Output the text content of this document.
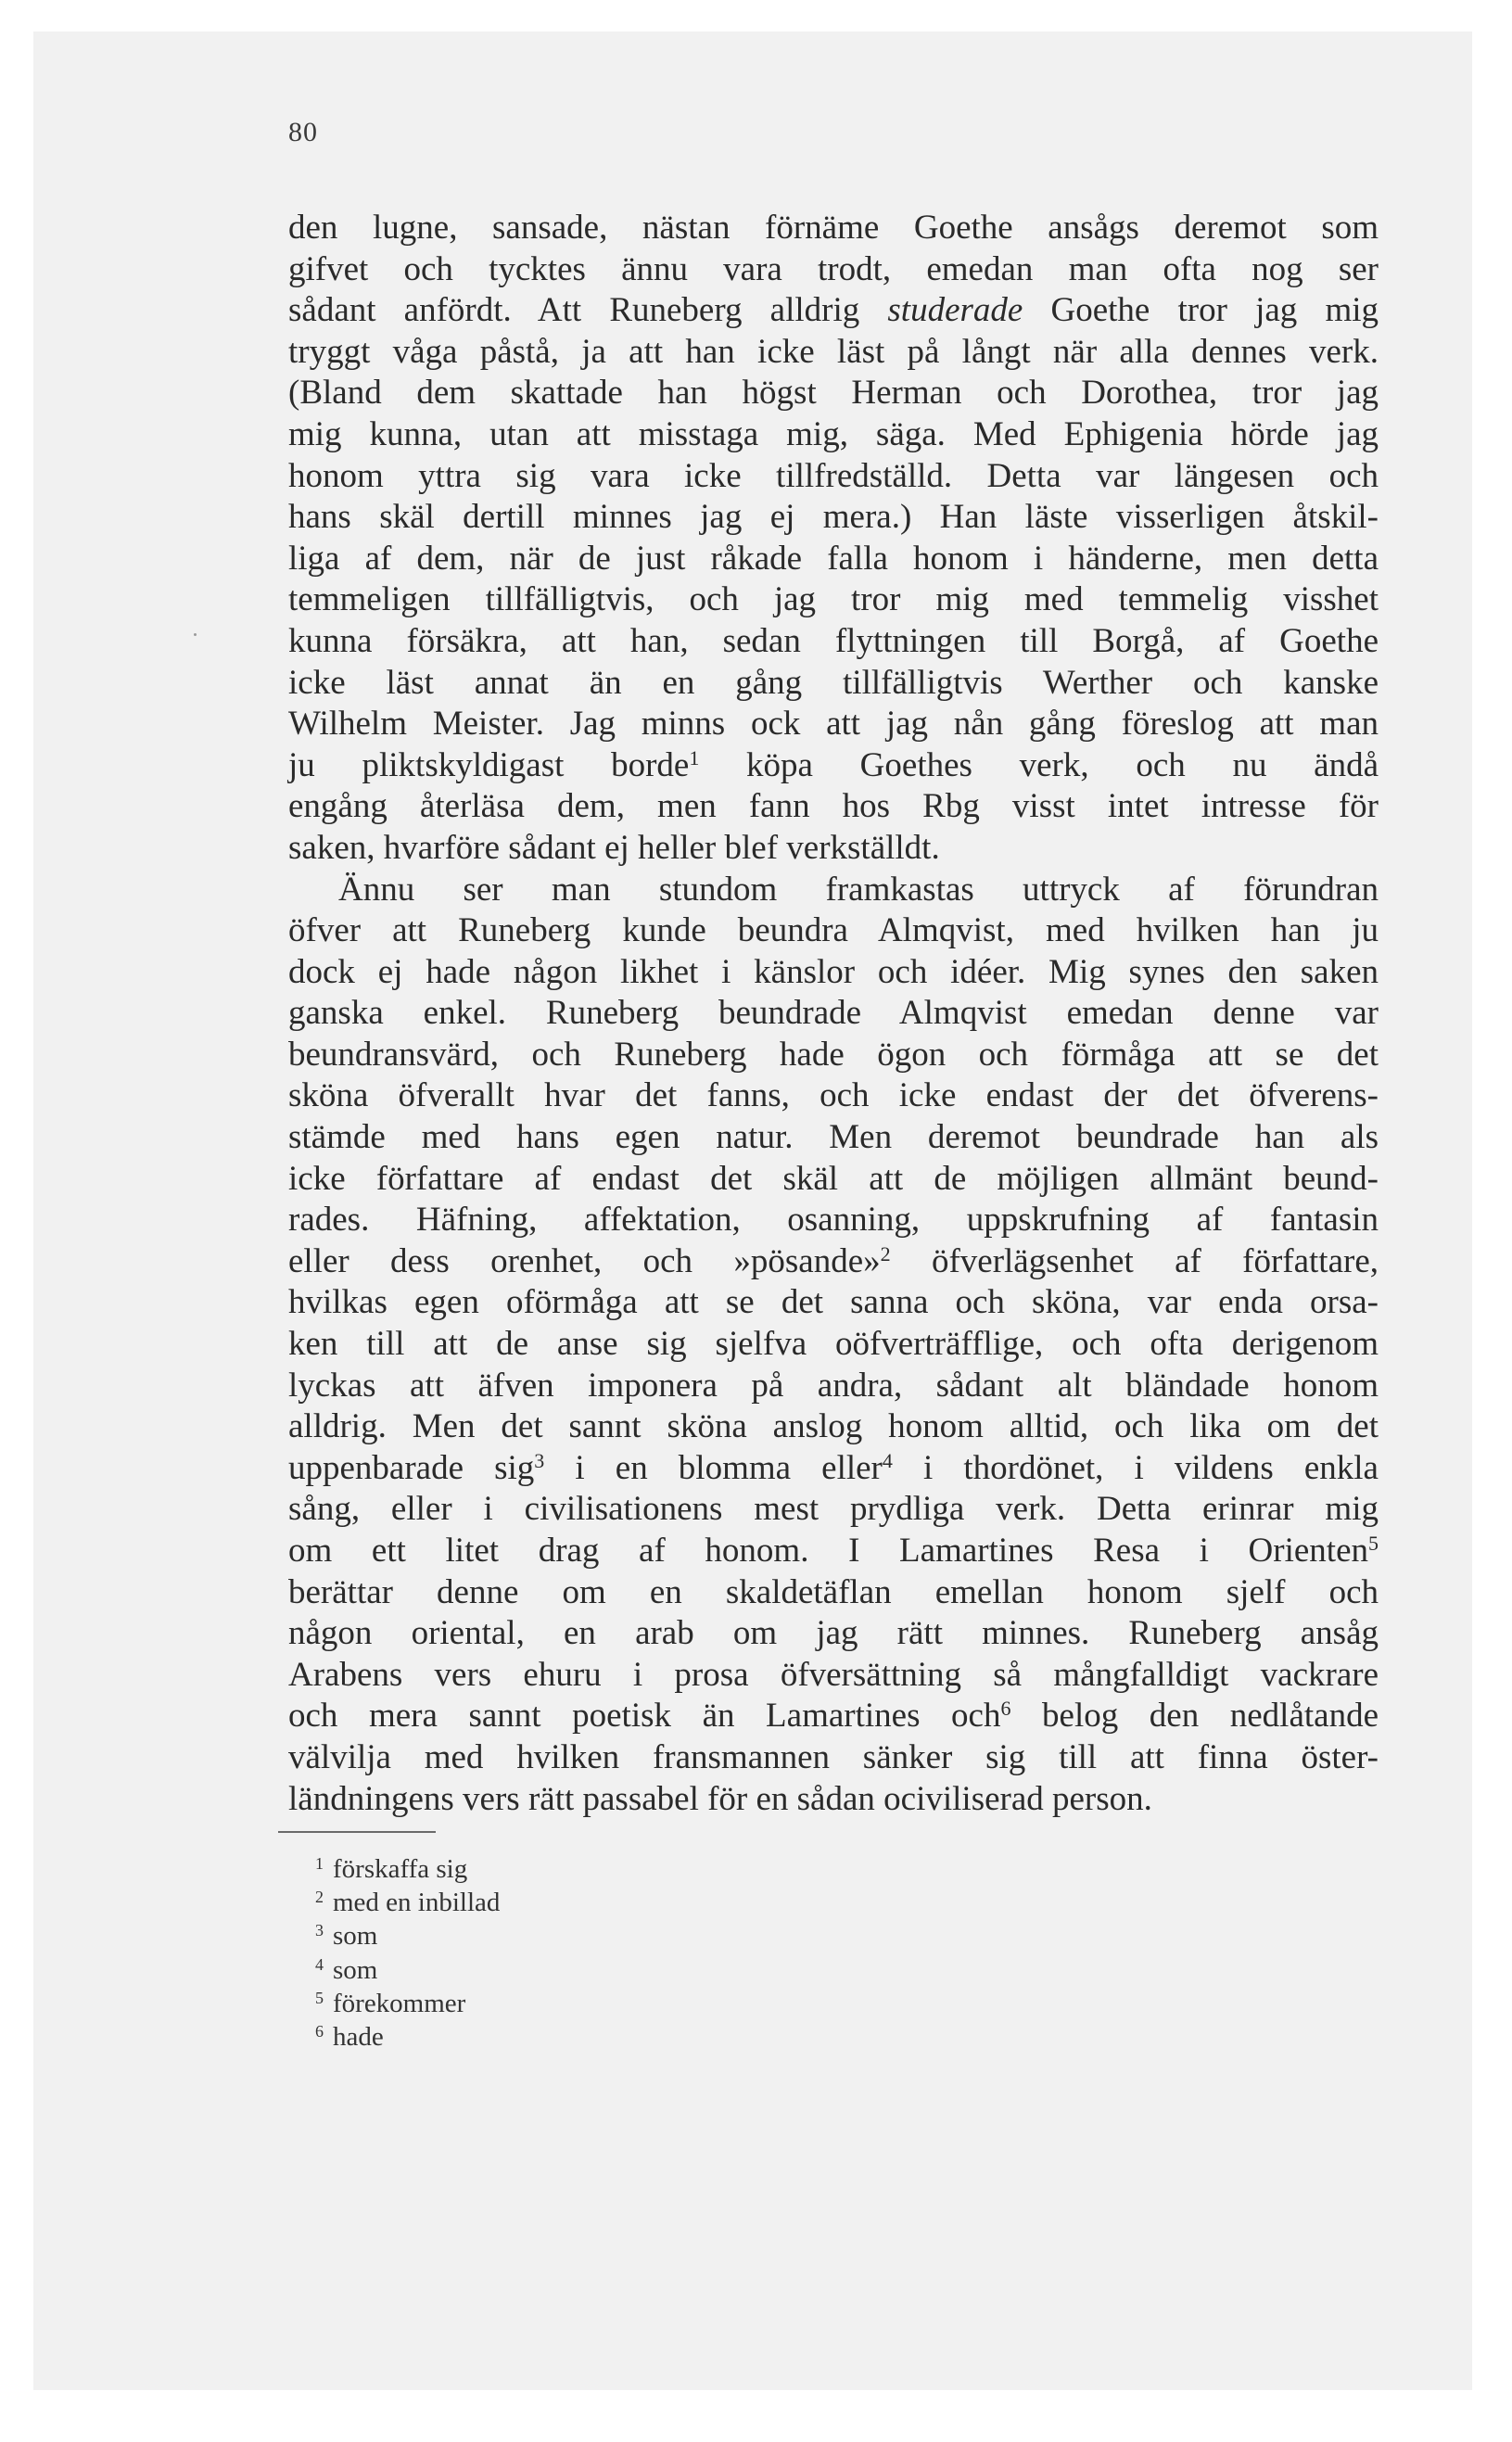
80
den lugne, sansade, nästan förnäme Goethe ansågs deremot som
gifvet och tycktes ännu vara trodt, emedan man ofta nog ser
sådant anfördt. Att Runeberg alldrig studerade Goethe tror jag mig
tryggt våga påstå, ja att han icke läst på långt när alla dennes verk.
(Bland dem skattade han högst Herman och Dorothea, tror jag
mig kunna, utan att misstaga mig, säga. Med Ephigenia hörde jag
honom yttra sig vara icke tillfredställd. Detta var längesen och
hans skäl dertill minnes jag ej mera.) Han läste visserligen åtskil-
liga af dem, när de just råkade falla honom i händerne, men detta
temmeligen tillfälligtvis, och jag tror mig med temmelig visshet
kunna försäkra, att han, sedan flyttningen till Borgå, af Goethe
icke läst annat än en gång tillfälligtvis Werther och kanske
Wilhelm Meister. Jag minns ock att jag nån gång föreslog att man
ju pliktskyldigast borde$^1$ köpa Goethes verk, och nu ändå
engång återläsa dem, men fann hos Rbg visst intet intresse för
saken, hvarföre sådant ej heller blef verkställdt.
Ännu ser man stundom framkastas uttryck af förundran
öfver att Runeberg kunde beundra Almqvist, med hvilken han ju
dock ej hade någon likhet i känslor och idéer. Mig synes den saken
ganska enkel. Runeberg beundrade Almqvist emedan denne var
beundransvärd, och Runeberg hade ögon och förmåga att se det
sköna öfverallt hvar det fanns, och icke endast der det öfverens-
stämde med hans egen natur. Men deremot beundrade han als
icke författare af endast det skäl att de möjligen allmänt beund-
rades. Häfning, affektation, osanning, uppskrufning af fantasin
eller dess orenhet, och »pösande»$^2$ öfverlägsenhet af författare,
hvilkas egen oförmåga att se det sanna och sköna, var enda orsa-
ken till att de anse sig sjelfva oöfverträfflige, och ofta derigenom
lyckas att äfven imponera på andra, sådant alt bländade honom
alldrig. Men det sannt sköna anslog honom alltid, och lika om det
uppenbarade sig$^3$ i en blomma eller$^4$ i thordönet, i vildens enkla
sång, eller i civilisationens mest prydliga verk. Detta erinrar mig
om ett litet drag af honom. I Lamartines Resa i Orienten$^5$
berättar denne om en skaldetäflan emellan honom sjelf och
någon oriental, en arab om jag rätt minnes. Runeberg ansåg
Arabens vers ehuru i prosa öfversättning så mångfalldigt vackrare
och mera sannt poetisk än Lamartines och$^6$ belog den nedlåtande
välvilja med hvilken fransmannen sänker sig till att finna öster-
ländningens vers rätt passabel för en sådan ociviliserad person.
$^1$ förskaffa sig
$^2$ med en inbillad
$^3$ som
$^4$ som
$^5$ förekommer
$^6$ hade
